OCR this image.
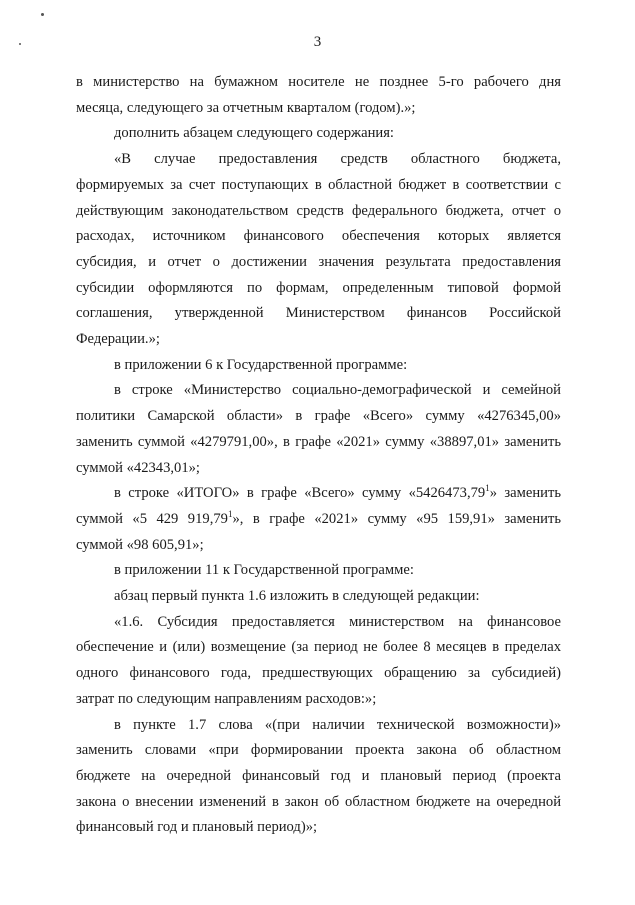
3

в министерство на бумажном носителе не позднее 5-го рабочего дня

месяца, следующего за отчетным кварталом (годом).»;

дополнить абзацем следующего содержания:

«В случае предоставления средств областного бюджета,

формируемых за счет поступающих в областной бюджет в соответствии с

действующим законодательством средств федерального бюджета, отчет о

расходах, источником финансового обеспечения которых является

субсидия, и отчет о достижении значения результата предоставления

субсидии оформляются по формам, определенным типовой формой

соглашения, утвержденной Министерством финансов Российской

Федерации.»;

в приложении 6 к Государственной программе:

в строке «Министерство социально-демографической и семейной

политики Самарской области» в графе «Всего» сумму «4276345,00»

заменить суммой «4279791,00», в графе «2021» сумму «38897,01» заменить

суммой «42343,01»;

в строке «ИТОГО» в графе «Всего» сумму «5426473,79$^1$» заменить

суммой «5 429 919,79$^1$», в графе «2021» сумму «95 159,91» заменить

суммой «98 605,91»;

в приложении 11 к Государственной программе:

абзац первый пункта 1.6 изложить в следующей редакции:

«1.6. Субсидия предоставляется министерством на финансовое

обеспечение и (или) возмещение (за период не более 8 месяцев в пределах

одного финансового года, предшествующих обращению за субсидией)

затрат по следующим направлениям расходов:»;

в пункте 1.7 слова «(при наличии технической возможности)»

заменить словами «при формировании проекта закона об областном

бюджете на очередной финансовый год и плановый период (проекта

закона о внесении изменений в закон об областном бюджете на очередной

финансовый год и плановый период)»;
